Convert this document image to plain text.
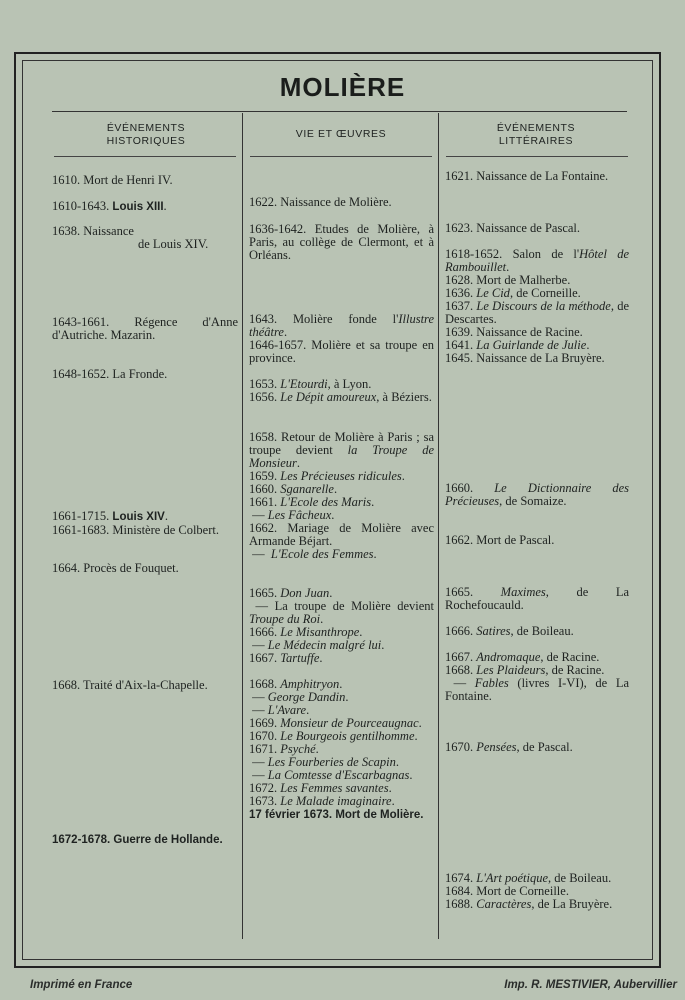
MOLIÈRE
ÉVÉNEMENTS
HISTORIQUES
VIE ET ŒUVRES	ÉVÉNEMENTS
LITTÉRAIRES
1610. Mort de Henri IV.
1610-1643. Louis XIII.
1638. Naissance
de Louis XIV.
1643-1661. Régence d'Anne d'Autriche. Mazarin.
1648-1652. La Fronde.
1661-1715. Louis XIV.
1661-1683. Ministère de Colbert.
1664. Procès de Fouquet.
1668. Traité d'Aix-la-Chapelle.
1672-1678. Guerre de Hollande.
1622. Naissance de Molière.
1636-1642. Etudes de Molière, à Paris, au collège de Clermont, et à Orléans.
1643. Molière fonde l'Illustre théâtre.
1646-1657. Molière et sa troupe en province.
1653. L'Etourdi, à Lyon.
1656. Le Dépit amoureux, à Béziers.
1658. Retour de Molière à Paris ; sa troupe devient la Troupe de Monsieur.
1659. Les Précieuses ridicules.
1660. Sganarelle.
1661. L'Ecole des Maris.
— Les Fâcheux.
1662. Mariage de Molière avec Armande Béjart.
—  L'Ecole des Femmes.
1665. Don Juan.
— La troupe de Molière devient Troupe du Roi.
1666. Le Misanthrope.
— Le Médecin malgré lui.
1667. Tartuffe.
1668. Amphitryon.
— George Dandin.
— L'Avare.
1669. Monsieur de Pourceaugnac.
1670. Le Bourgeois gentilhomme.
1671. Psyché.
— Les Fourberies de Scapin.
— La Comtesse d'Escarbagnas.
1672. Les Femmes savantes.
1673. Le Malade imaginaire.
17 février 1673. Mort de Molière.
1621. Naissance de La Fontaine.
1623. Naissance de Pascal.
1618-1652. Salon de l'Hôtel de Rambouillet.
1628. Mort de Malherbe.
1636. Le Cid, de Corneille.
1637. Le Discours de la méthode, de Descartes.
1639. Naissance de Racine.
1641. La Guirlande de Julie.
1645. Naissance de La Bruyère.
1660. Le Dictionnaire des Précieuses, de Somaize.
1662. Mort de Pascal.
1665. Maximes, de La Rochefoucauld.
1666. Satires, de Boileau.
1667. Andromaque, de Racine.
1668. Les Plaideurs, de Racine.
— Fables (livres I-VI), de La Fontaine.
1670. Pensées, de Pascal.
1674. L'Art poétique, de Boileau.
1684. Mort de Corneille.
1688. Caractères, de La Bruyère.
Imprimé en France	Imp. R. MESTIVIER, Aubervillier
